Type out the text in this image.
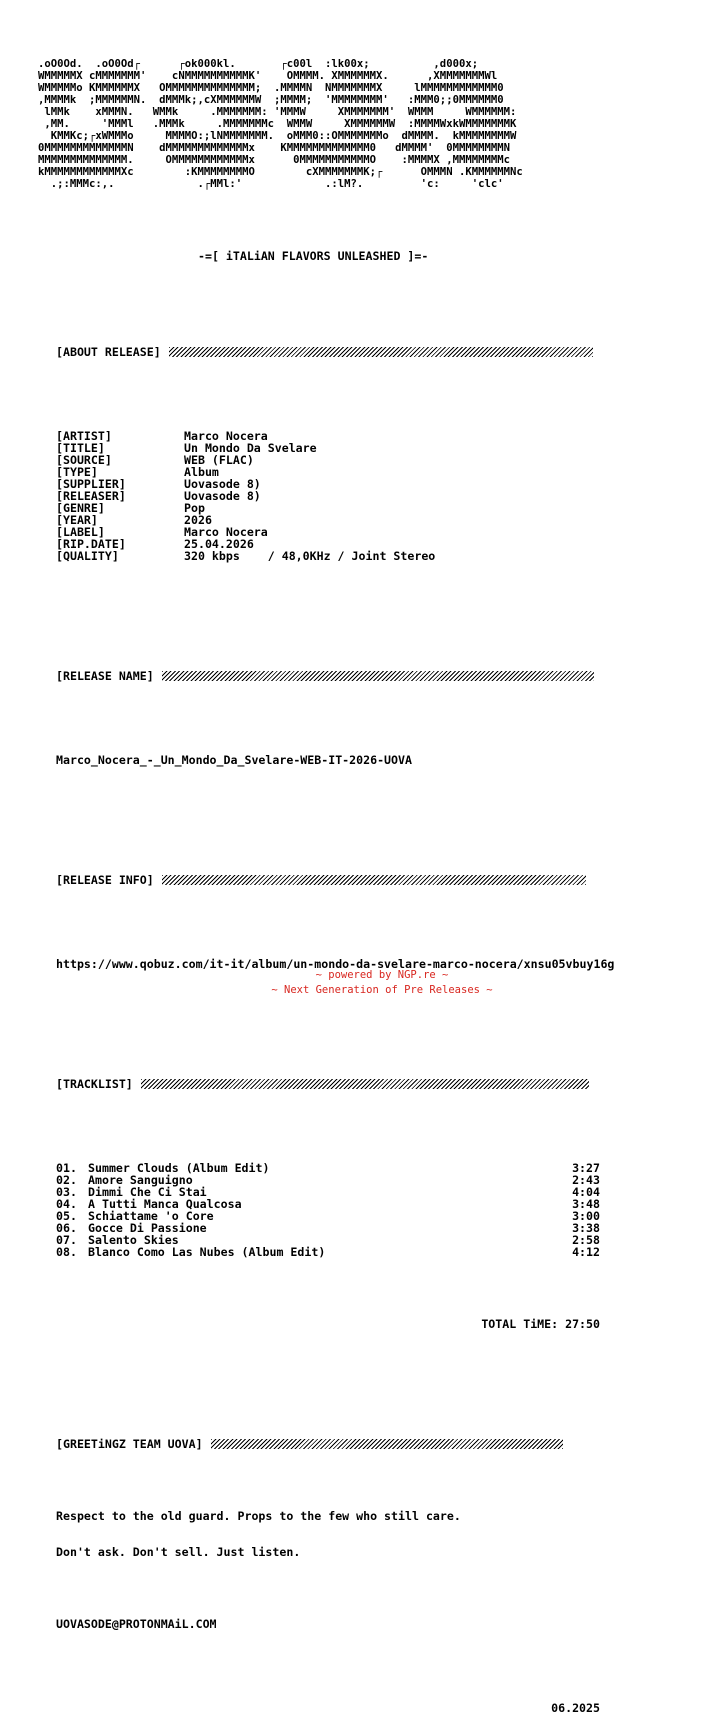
.oO0Od.  .oO0Od┌      ┌ok000kl.       ┌c00l  :lk00x;          ,d000x;
WMMMMMX cMMMMMMM'    cNMMMMMMMMMMK'    OMMMM. XMMMMMMX.      ,XMMMMMMMWl
WMMMMMo KMMMMMMX   OMMMMMMMMMMMMMM;  .MMMMN  NMMMMMMMX     lMMMMMMMMMMMM0
,MMMMk  ;MMMMMMN.  dMMMk;,cXMMMMMMW  ;MMMM;  'MMMMMMMM'   :MMM0;;0MMMMMM0
lMMk    xMMMN.   WMMk     .MMMMMMM: 'MMMW     XMMMMMMM'  WMMM     WMMMMMM:
,MM.     'MMMl   .MMMk     .MMMMMMMc  WMMW     XMMMMMMW  :MMMMWxkWMMMMMMMK
KMMKc;┌xWMMMo     MMMMO:;lNMMMMMMM.  oMMM0::OMMMMMMMo  dMMMM.  kMMMMMMMMW
0MMMMMMMMMMMMMN    dMMMMMMMMMMMMMx    KMMMMMMMMMMMMM0   dMMMM'  0MMMMMMMMN
MMMMMMMMMMMMMM.     OMMMMMMMMMMMMx      0MMMMMMMMMMMO    :MMMMX ,MMMMMMMMc
kMMMMMMMMMMMMXc        :KMMMMMMMMO        cXMMMMMMMK;┌      OMMMN .KMMMMMMNc
.;:MMMc:,.             .┌MMl:'             .:lM?.         'c:     'clc'

-=[ iTALiAN FLAVORS UNLEASHED ]=-

[ABOUT RELEASE]

[ARTIST]	Marco Nocera
[TITLE]	Un Mondo Da Svelare
[SOURCE]	WEB (FLAC)
[TYPE]	Album
[SUPPLIER]	Uovasode 8)
[RELEASER]	Uovasode 8)
[GENRE]	Pop
[YEAR]	2026
[LABEL]	Marco Nocera
[RIP.DATE]	25.04.2026
[QUALITY]	320 kbps    / 48,0KHz / Joint Stereo

[RELEASE NAME]

Marco_Nocera_-_Un_Mondo_Da_Svelare-WEB-IT-2026-UOVA

[RELEASE INFO]

https://www.qobuz.com/it-it/album/un-mondo-da-svelare-marco-nocera/xnsu05vbuy16g

[TRACKLIST]

01. Summer Clouds (Album Edit)	3:27
02. Amore Sanguigno	2:43
03. Dimmi Che Ci Stai	4:04
04. A Tutti Manca Qualcosa	3:48
05. Schiattame 'o Core	3:00
06. Gocce Di Passione	3:38
07. Salento Skies	2:58
08. Blanco Como Las Nubes (Album Edit)	4:12

TOTAL TiME: 27:50

[GREETiNGZ TEAM UOVA]

Respect to the old guard. Props to the few who still care.

Don't ask. Don't sell. Just listen.

UOVASODE@PROTONMAiL.COM

06.2025

~ powered by NGP.re ~
~ Next Generation of Pre Releases ~
